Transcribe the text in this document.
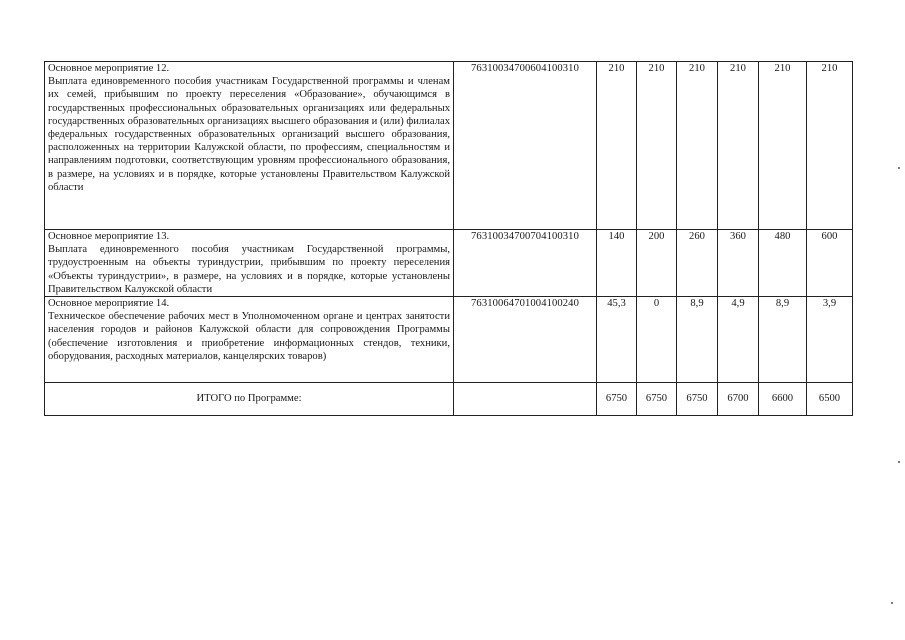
Основное мероприятие 12.
Выплата единовременного пособия участникам Государственной программы и членам их семей, прибывшим по проекту переселения «Образование», обучающимся в государственных профессиональных образовательных организациях или федеральных государственных образовательных организациях высшего образования и (или) филиалах федеральных государственных образовательных организаций высшего образования, расположенных на территории Калужской области, по профессиям, специальностям и направлениям подготовки, соответствующим уровням профессионального образования, в размере, на условиях и в порядке, которые установлены Правительством Калужской области	76310034700604100310	210	210	210	210	210	210

Основное мероприятие 13.
Выплата единовременного пособия участникам Государственной программы, трудоустроенным на объекты туриндустрии, прибывшим по проекту переселения «Объекты туриндустрии», в размере, на условиях и в порядке, которые установлены Правительством Калужской области	76310034700704100310	140	200	260	360	480	600

Основное мероприятие 14.
Техническое обеспечение рабочих мест в Уполномоченном органе и центрах занятости населения городов и районов Калужской области для сопровождения Программы (обеспечение изготовления и приобретение информационных стендов, техники, оборудования, расходных материалов, канцелярских товаров)	76310064701004100240	45,3	0	8,9	4,9	8,9	3,9
ИТОГО по Программе:		6750	6750	6750	6700	6600	6500
